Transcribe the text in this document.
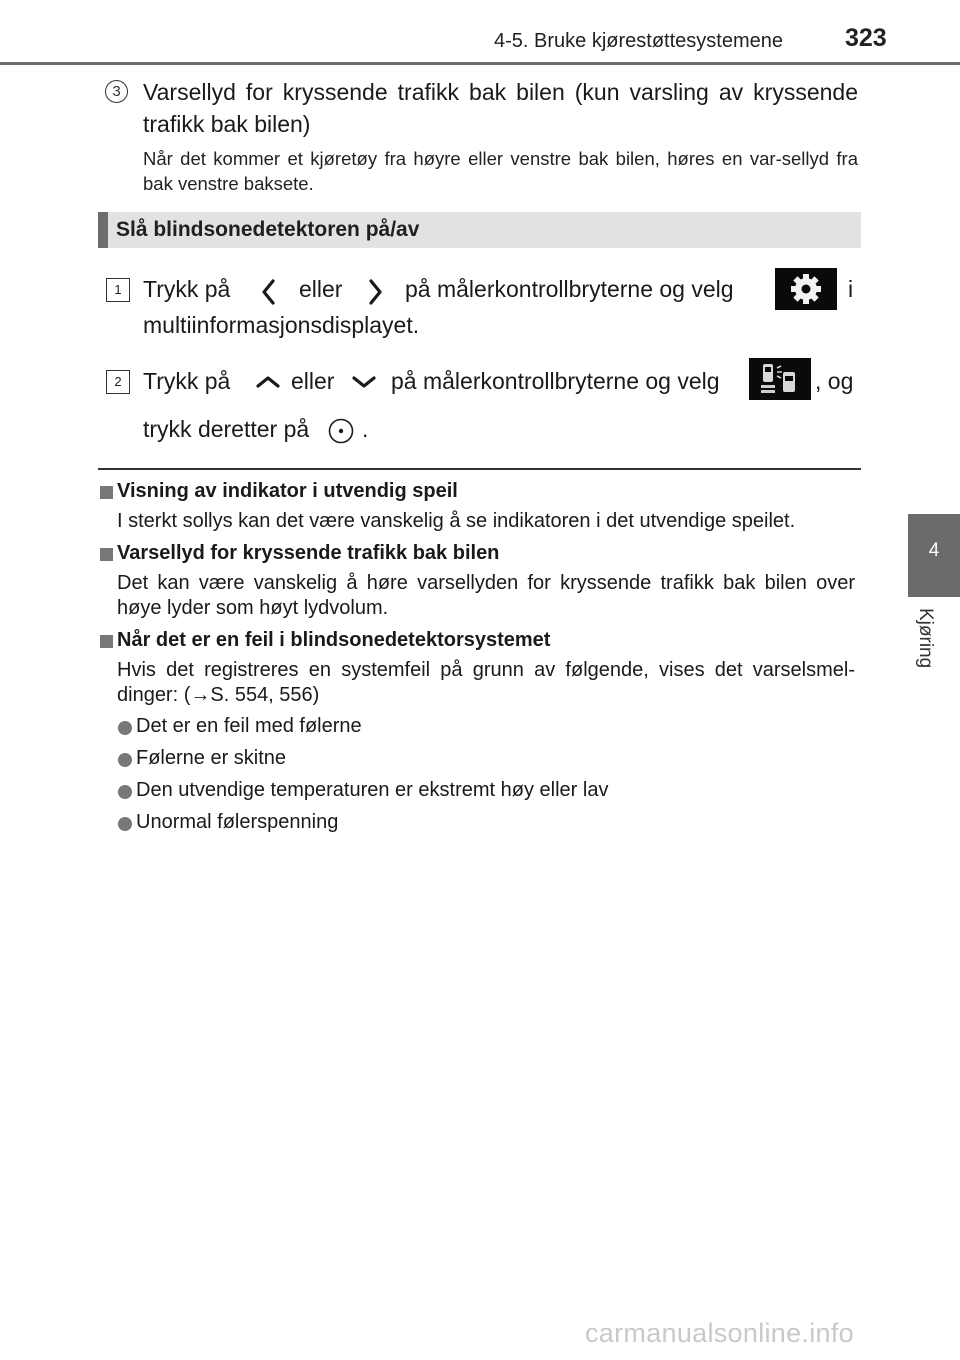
4-5. Bruke kjørestøttesystemene 323
4
Kjøring
3 Varsellyd for kryssende trafikk bak bilen (kun varsling av kryssende trafikk bak bilen)
Når det kommer et kjøretøy fra høyre eller venstre bak bilen, høres en var-sellyd fra bak venstre baksete.
Slå blindsonedetektoren på/av
1 Trykk på	eller	på målerkontrollbryterne og velg	i
multiinformasjonsdisplayet.
2 Trykk på	eller på målerkontrollbryterne og velg	, og
trykk deretter på .
Visning av indikator i utvendig speil
I sterkt sollys kan det være vanskelig å se indikatoren i det utvendige speilet.
Varsellyd for kryssende trafikk bak bilen
Det kan være vanskelig å høre varsellyden for kryssende trafikk bak bilen over høye lyder som høyt lydvolum.
Når det er en feil i blindsonedetektorsystemet
Hvis det registreres en systemfeil på grunn av følgende, vises det varselsmel-dinger: (→S. 554, 556)
Det er en feil med følerne
Følerne er skitne
Den utvendige temperaturen er ekstremt høy eller lav
Unormal følerspenning
carmanualsonline.info
